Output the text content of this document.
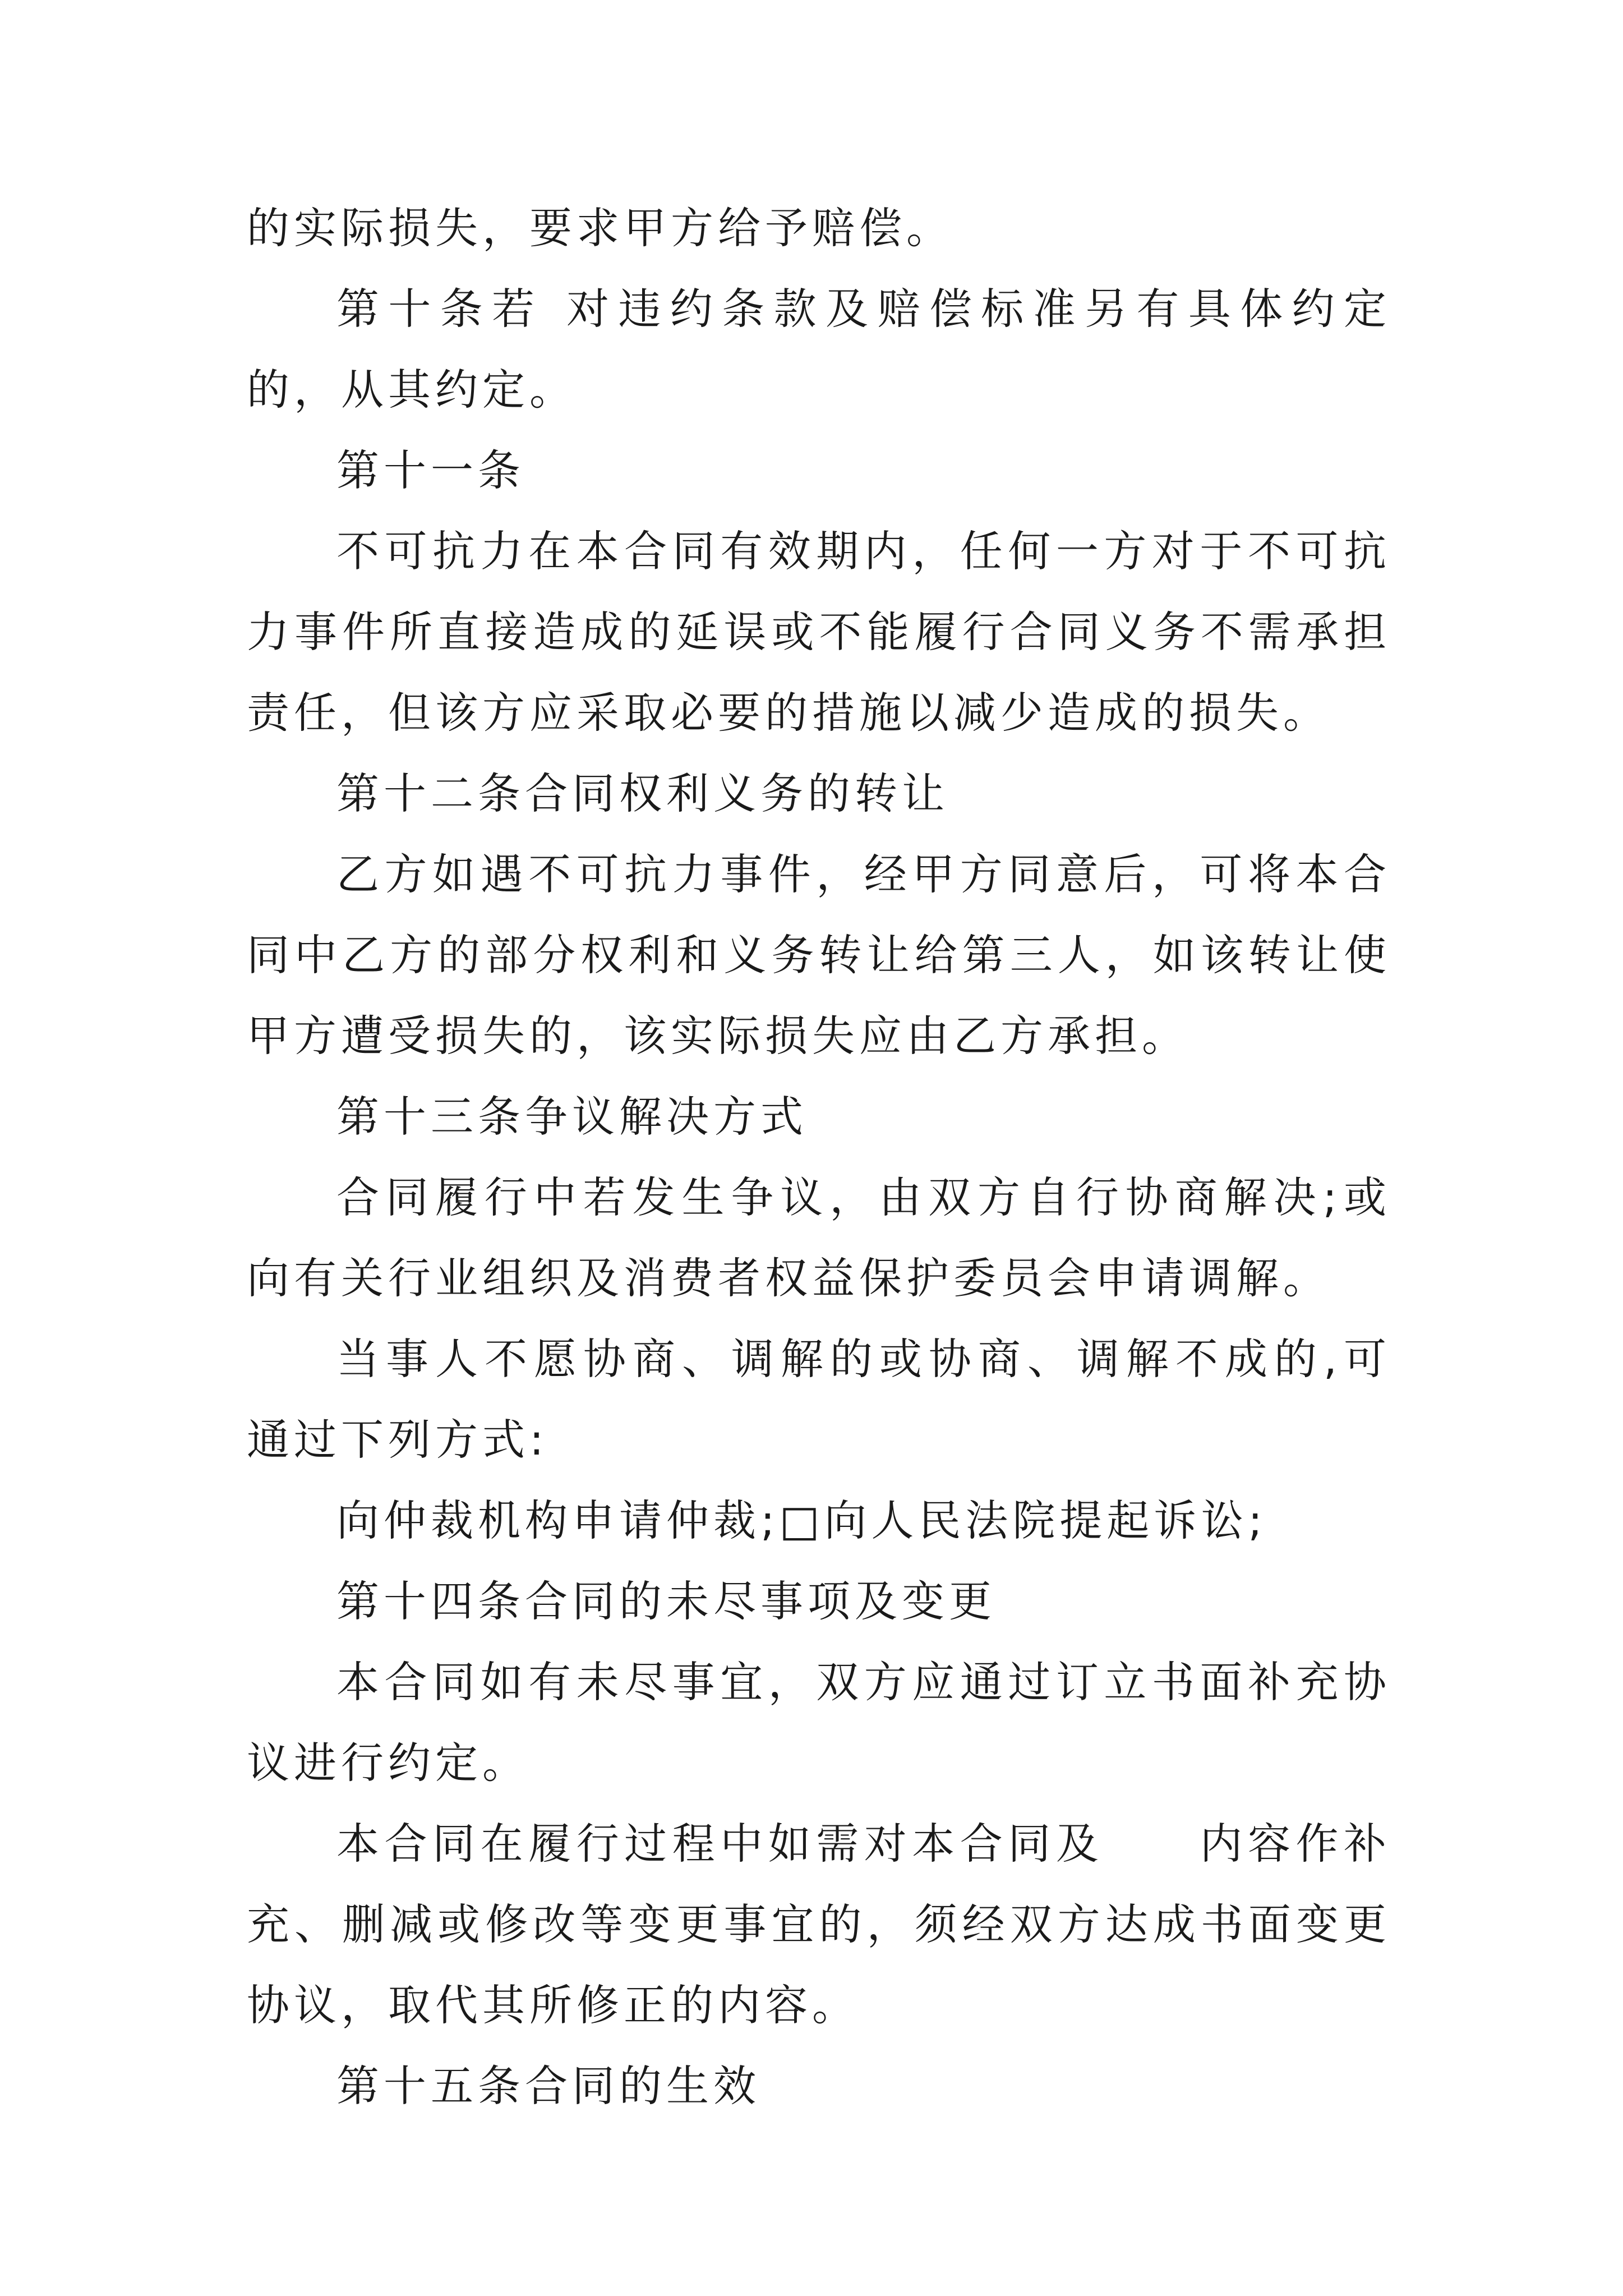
的实际损失，要求甲方给予赔偿。

第十条若 对违约条款及赔偿标准另有具体约定的，从其约定。

第十一条

不可抗力在本合同有效期内，任何一方对于不可抗力事件所直接造成的延误或不能履行合同义务不需承担责任，但该方应采取必要的措施以减少造成的损失。

第十二条合同权利义务的转让

乙方如遇不可抗力事件，经甲方同意后，可将本合同中乙方的部分权利和义务转让给第三人，如该转让使甲方遭受损失的，该实际损失应由乙方承担。

第十三条争议解决方式

合同履行中若发生争议，由双方自行协商解决;或向有关行业组织及消费者权益保护委员会申请调解。

当事人不愿协商、调解的或协商、调解不成的,可通过下列方式:

向仲裁机构申请仲裁;□向人民法院提起诉讼;

第十四条合同的未尽事项及变更

本合同如有未尽事宜，双方应通过订立书面补充协议进行约定。

本合同在履行过程中如需对本合同及　　内容作补充、删减或修改等变更事宜的，须经双方达成书面变更协议，取代其所修正的内容。

第十五条合同的生效
